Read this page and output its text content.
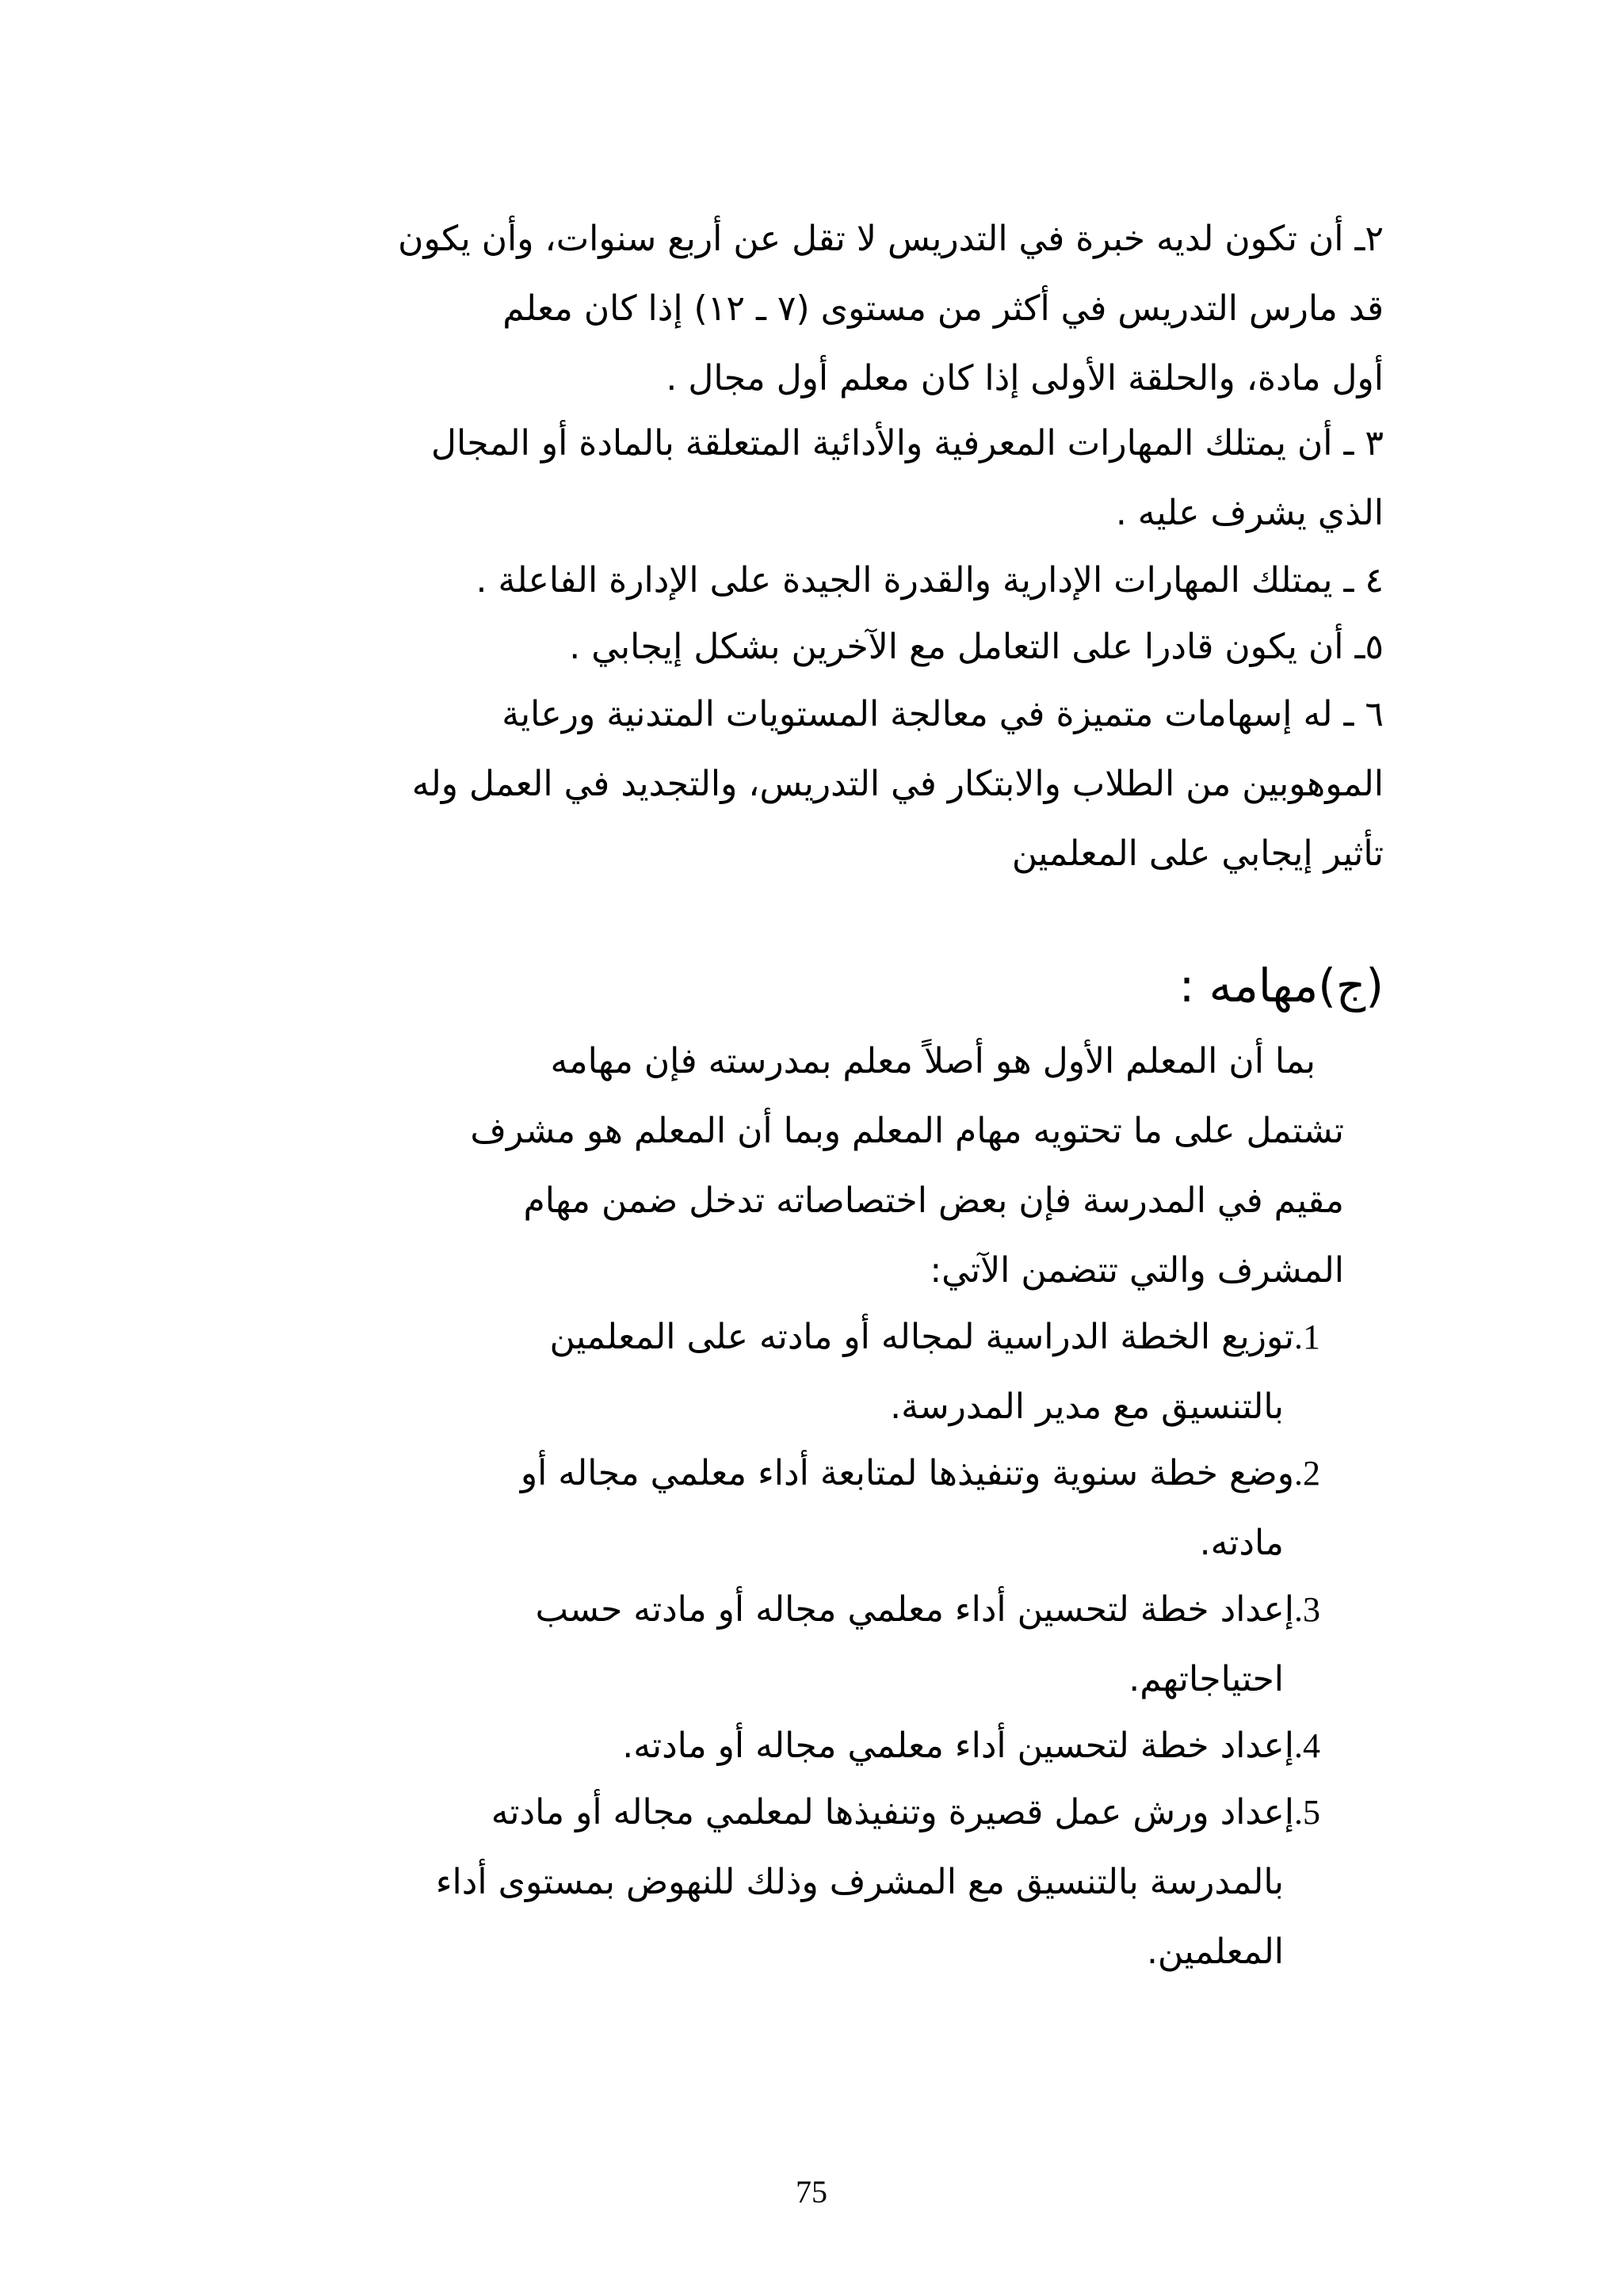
٢ـ أن تكون لديه خبرة في التدريس لا تقل عن أربع سنوات، وأن يكون

قد مارس التدريس في أكثر من مستوى (٧ ـ ١٢) إذا كان معلم

أول مادة، والحلقة الأولى إذا كان معلم أول مجال .

٣ ـ أن يمتلك المهارات المعرفية والأدائية المتعلقة بالمادة أو المجال

الذي يشرف عليه .

٤ ـ يمتلك المهارات الإدارية والقدرة الجيدة على الإدارة الفاعلة .

٥ـ أن يكون قادرا على التعامل مع الآخرين بشكل إيجابي .

٦ ـ له إسهامات متميزة في معالجة المستويات المتدنية ورعاية

الموهوبين من الطلاب والابتكار في التدريس، والتجديد في العمل وله

تأثير إيجابي على المعلمين

(ج)مهامه :

بما أن المعلم الأول هو أصلاً معلم بمدرسته فإن مهامه

تشتمل على ما تحتويه مهام المعلم وبما أن المعلم هو مشرف

مقيم في المدرسة فإن بعض اختصاصاته تدخل ضمن مهام

المشرف والتي تتضمن الآتي:

1.توزيع الخطة الدراسية لمجاله أو مادته على المعلمين

بالتنسيق مع مدير المدرسة.

2.وضع خطة سنوية وتنفيذها لمتابعة أداء معلمي مجاله أو

مادته.

3.إعداد خطة لتحسين أداء معلمي مجاله أو مادته حسب

احتياجاتهم.

4.إعداد خطة لتحسين أداء معلمي مجاله أو مادته.

5.إعداد ورش عمل قصيرة وتنفيذها لمعلمي مجاله أو مادته

بالمدرسة بالتنسيق مع المشرف وذلك للنهوض بمستوى أداء

المعلمين.

75
